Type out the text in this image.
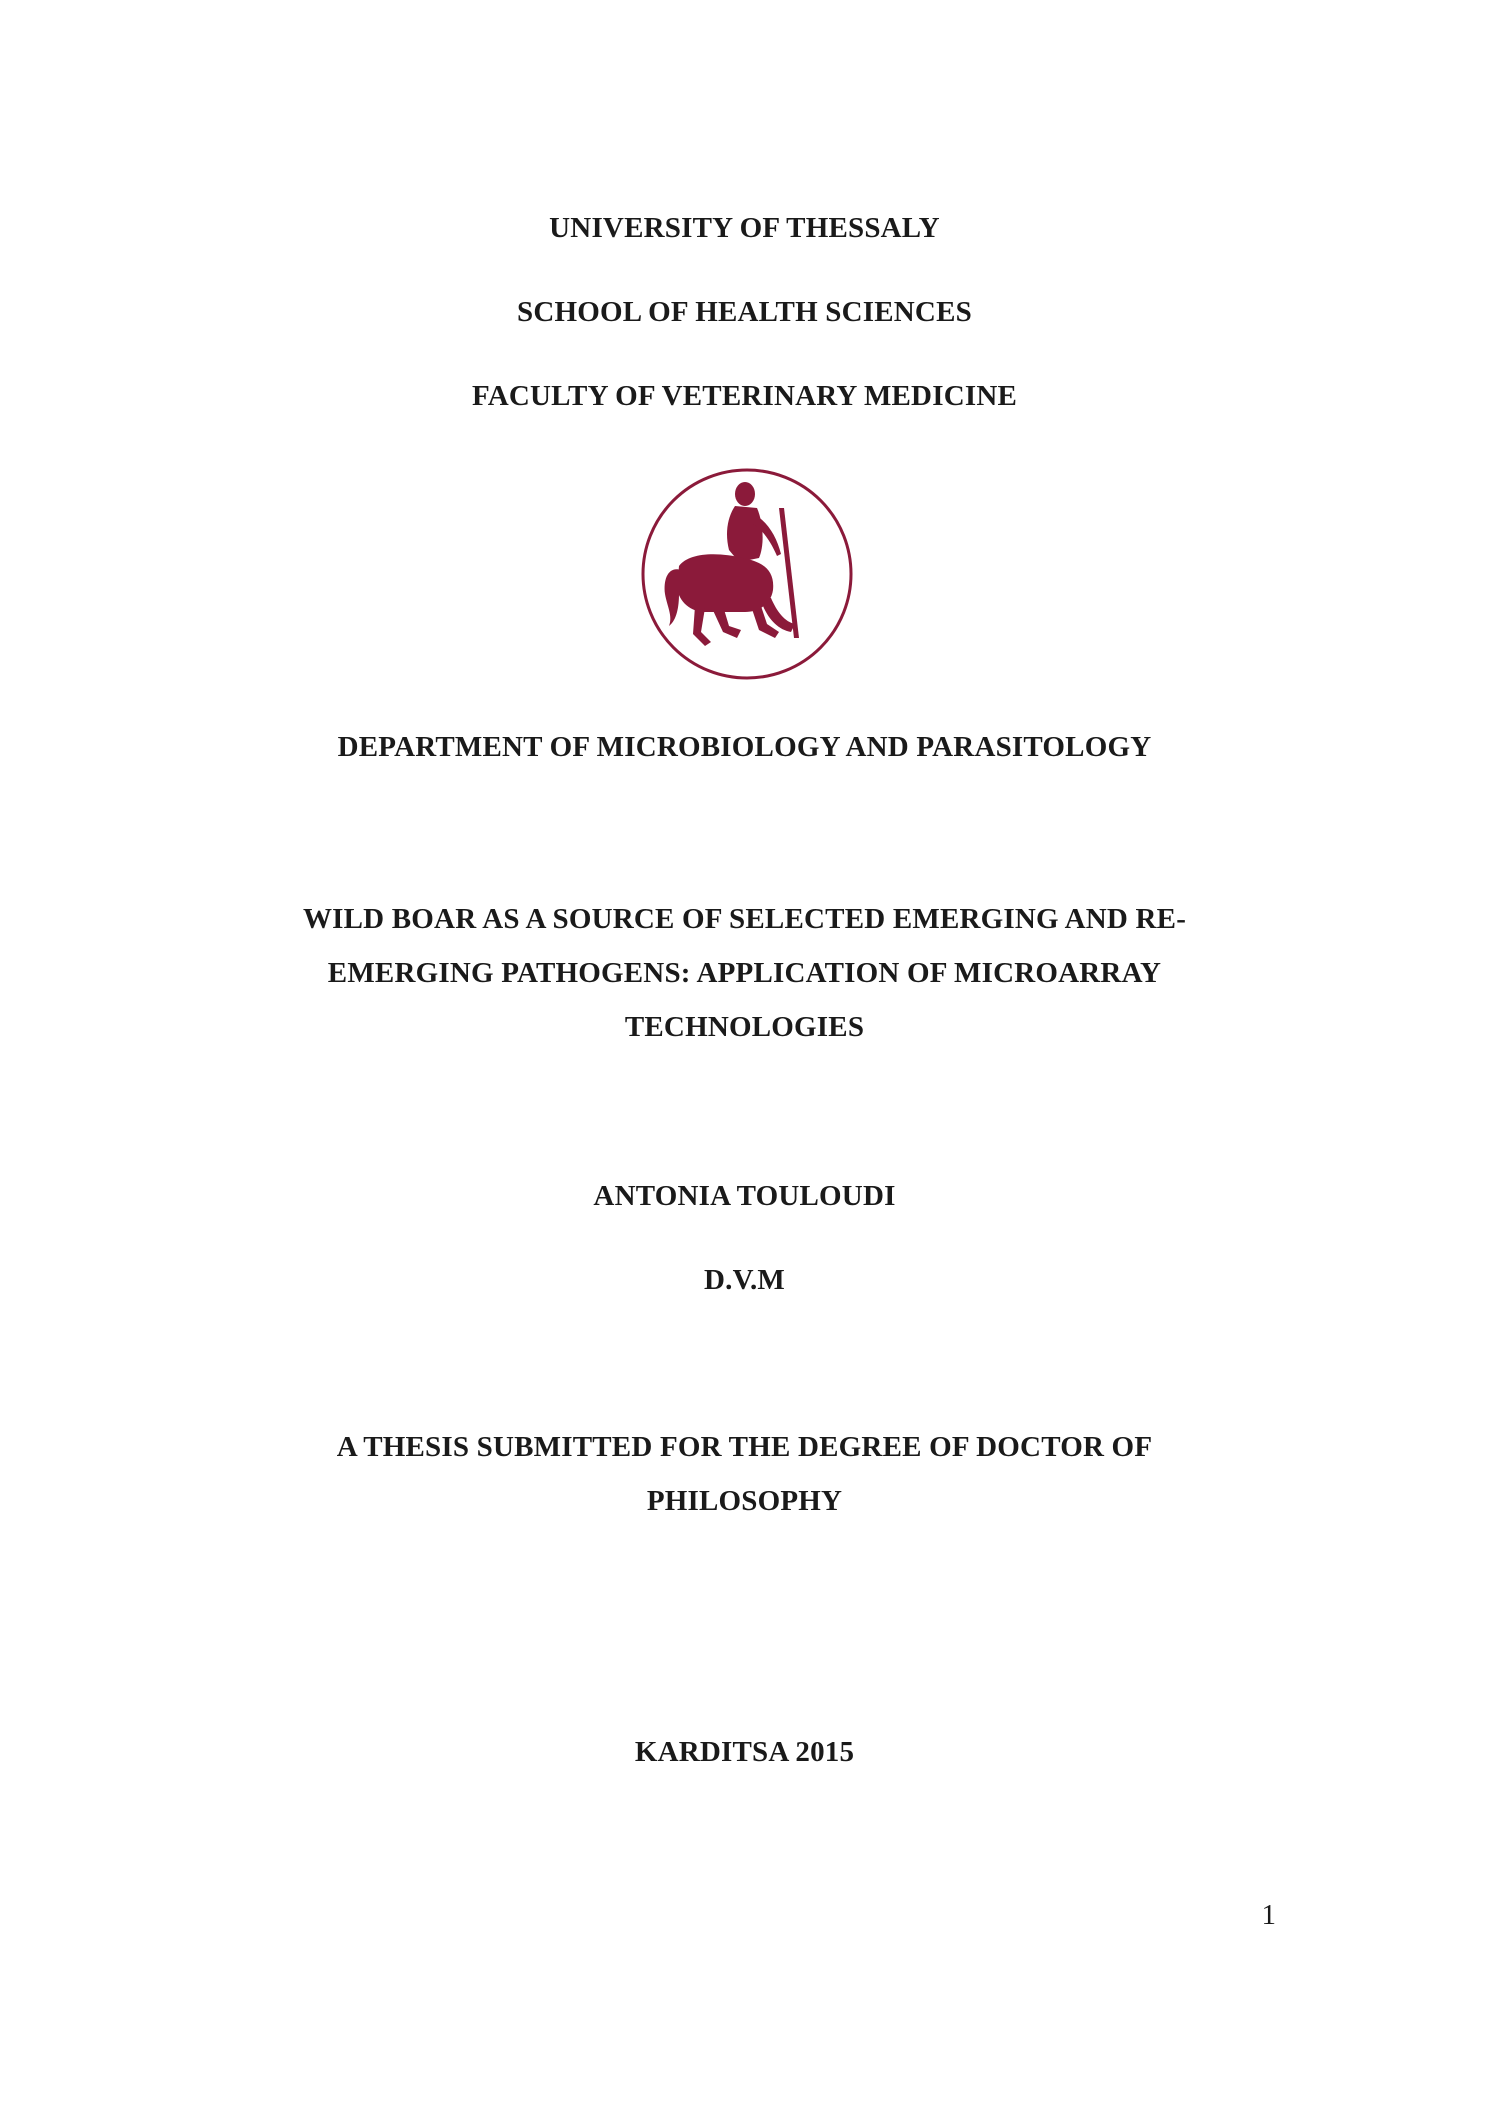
UNIVERSITY OF THESSALY
SCHOOL OF HEALTH SCIENCES
FACULTY OF VETERINARY MEDICINE
DEPARTMENT OF MICROBIOLOGY AND PARASITOLOGY
WILD BOAR AS A SOURCE OF SELECTED EMERGING AND RE-
EMERGING PATHOGENS: APPLICATION OF MICROARRAY
TECHNOLOGIES
ANTONIA TOULOUDI
D.V.M
A THESIS SUBMITTED FOR THE DEGREE OF DOCTOR OF
PHILOSOPHY
KARDITSA 2015
1
